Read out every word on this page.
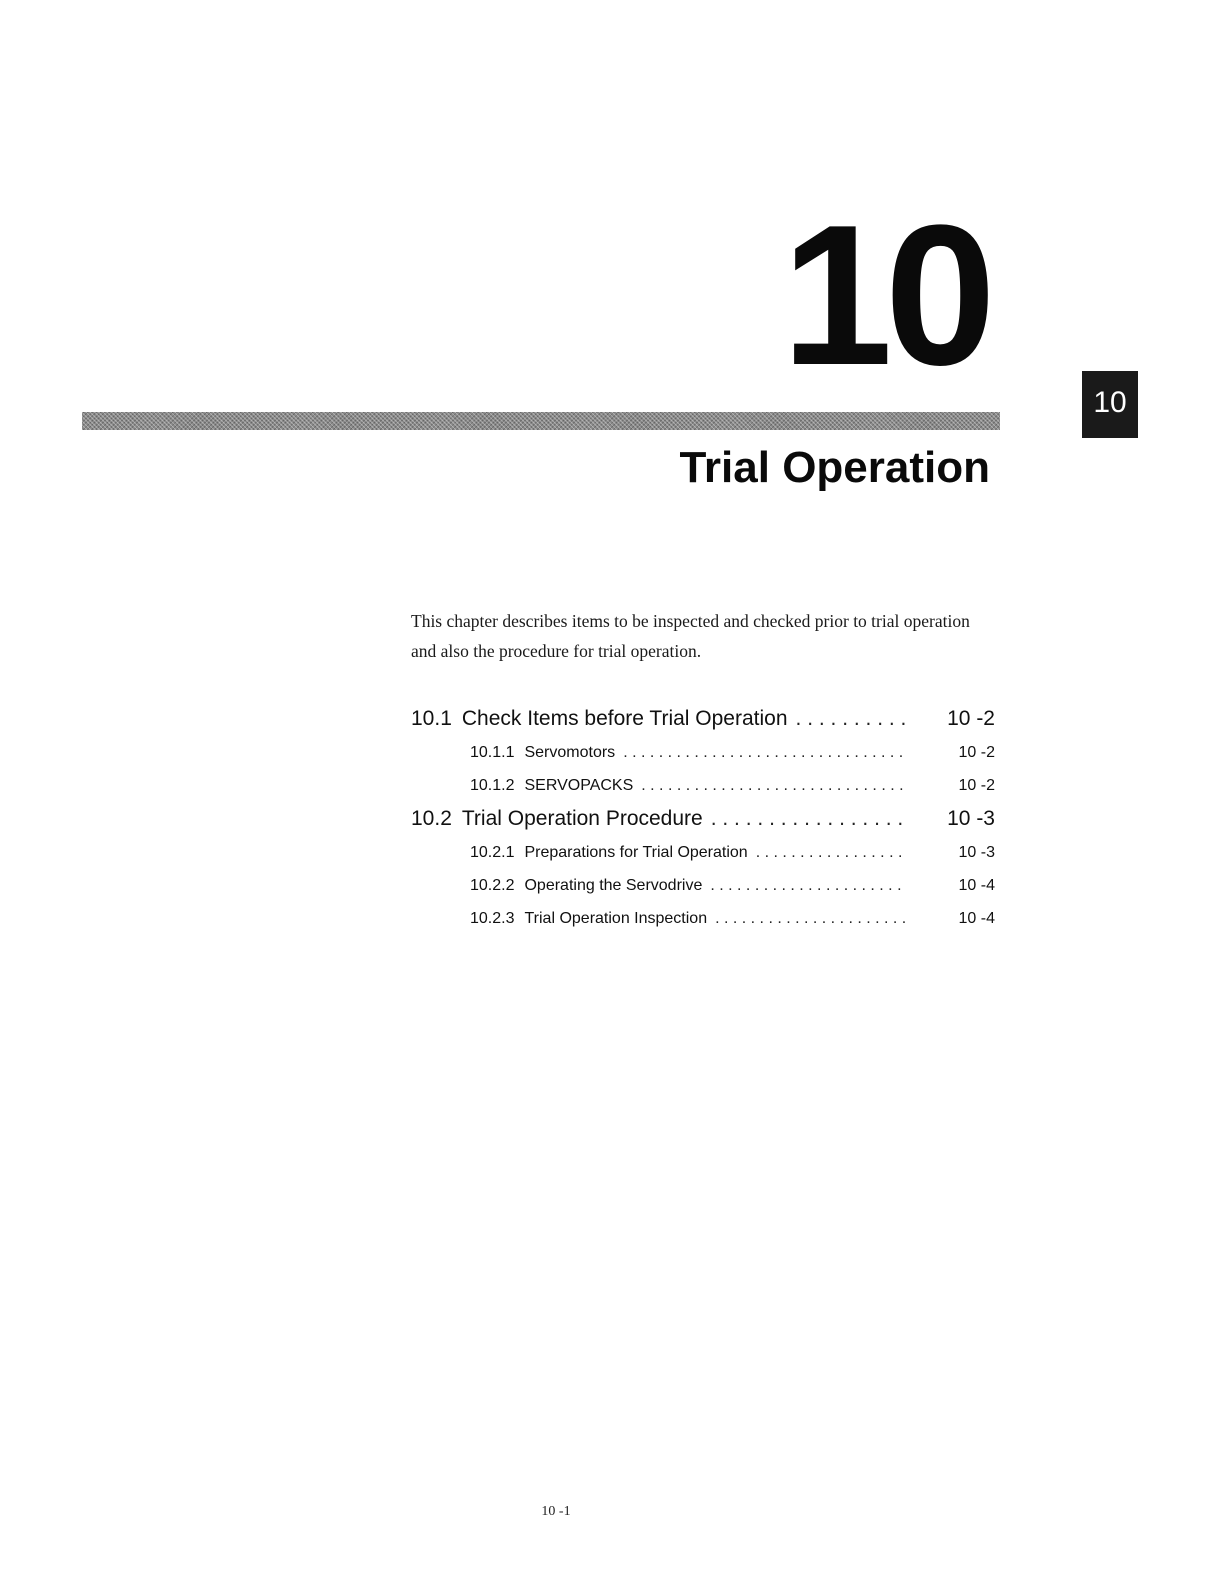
10	10
Trial Operation

This chapter describes items to be inspected and checked prior to trial operation and also the procedure for trial operation.

10.1 Check Items before Trial Operation . . .	10 -2
10.1.1 Servomotors . . .	10 -2
10.1.2 SERVOPACKS . . .	10 -2
10.2 Trial Operation Procedure . . .	10 -3
10.2.1 Preparations for Trial Operation . . .	10 -3
10.2.2 Operating the Servodrive . . .	10 -4
10.2.3 Trial Operation Inspection . . .	10 -4
10 -1
